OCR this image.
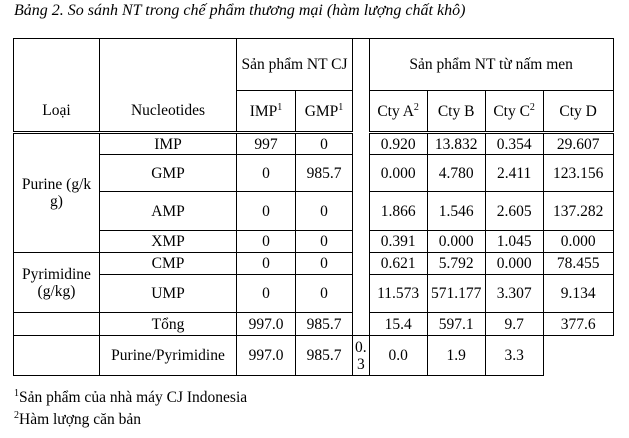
Bảng 2. So sánh NT trong chế phẩm thương mại (hàm lượng chất khô)
		Sản phẩm NT CJ			Sản phẩm NT từ nấm men			
Loại	Nucleotides	IMP$^1$	GMP$^1$		Cty $A^2$	Cty B	Cty $C^2$	Cty D
Purine (g/kg)	IMP	997	0		0.920	13.832	0.354	29.607
	GMP	0	985.7		0.000	4.780	2.411	123.156
	AMP	0	0		1.866	1.546	2.605	137.282
	XMP	0	0		0.391	0.000	1.045	0.000
Pyrimidine (g/kg)	CMP	0	0		0.621	5.792	0.000	78.455
	UMP	0	0		11.573	571.177	3.307	9.134
	Tổng	997.0	985.7		15.4	597.1	9.7	377.6
	Purine/Pyrimidine	997.0	985.7	0.3	0.0	1.9	3.3	
$^1$Sản phẩm của nhà máy CJ Indonesia
$^2$Hàm lượng căn bản
